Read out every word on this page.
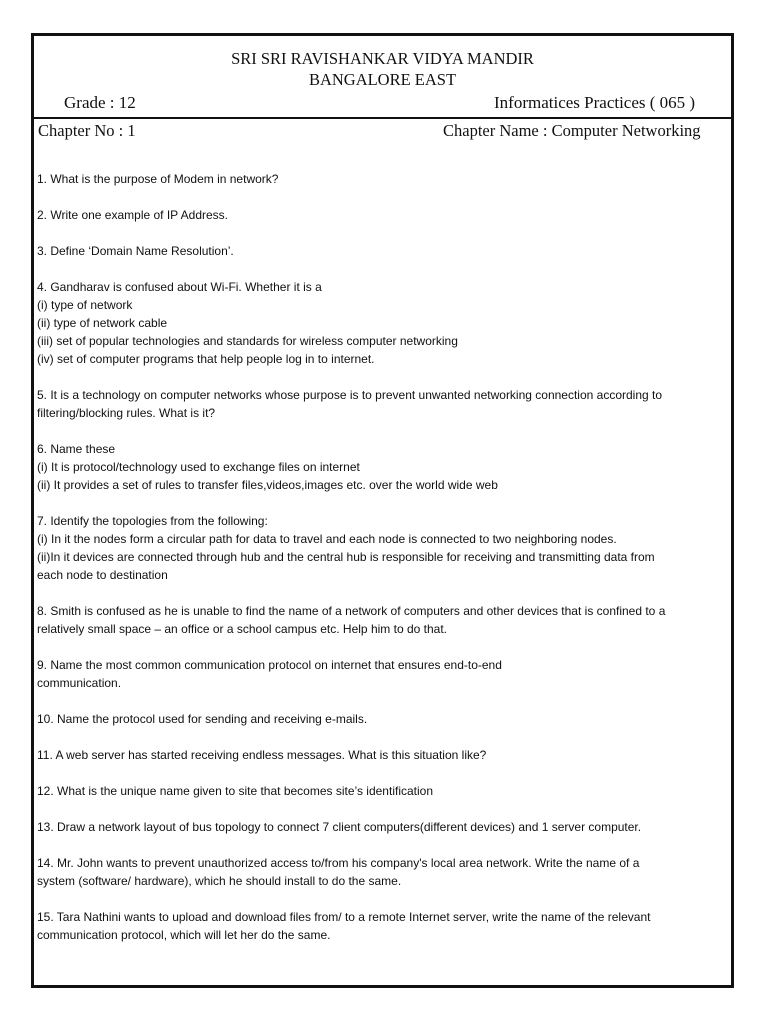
SRI SRI RAVISHANKAR VIDYA MANDIR
BANGALORE EAST
Grade : 12	Informatices Practices ( 065 )
Chapter No : 1	Chapter Name : Computer Networking
1. What is the purpose of Modem in network?
2. Write one example of IP Address.
3. Define ‘Domain Name Resolution’.
4. Gandharav is confused about Wi-Fi. Whether it is a
(i) type of network
(ii) type of network cable
(iii) set of popular technologies and standards for wireless computer networking
(iv) set of computer programs that help people log in to internet.
5. It is a technology on computer networks whose purpose is to prevent unwanted networking connection according to
filtering/blocking rules. What is it?
6. Name these
(i) It is protocol/technology used to exchange files on internet
(ii) It provides a set of rules to transfer files,videos,images etc. over the world wide web
7. Identify the topologies from the following:
(i) In it the nodes form a circular path for data to travel and each node is connected to two neighboring nodes.
(ii)In it devices are connected through hub and the central hub is responsible for receiving and transmitting data from
each node to destination
8. Smith is confused as he is unable to find the name of a network of computers and other devices that is confined to a
relatively small space – an office or a school campus etc. Help him to do that.
9. Name the most common communication protocol on internet that ensures end-to-end
communication.
10. Name the protocol used for sending and receiving e-mails.
11. A web server has started receiving endless messages. What is this situation like?
12. What is the unique name given to site that becomes site’s identification
13. Draw a network layout of bus topology to connect 7 client computers(different devices) and 1 server computer.
14. Mr. John wants to prevent unauthorized access to/from his company's local area network. Write the name of a
system (software/ hardware), which he should install to do the same.
15. Tara Nathini wants to upload and download files from/ to a remote Internet server, write the name of the relevant
communication protocol, which will let her do the same.
